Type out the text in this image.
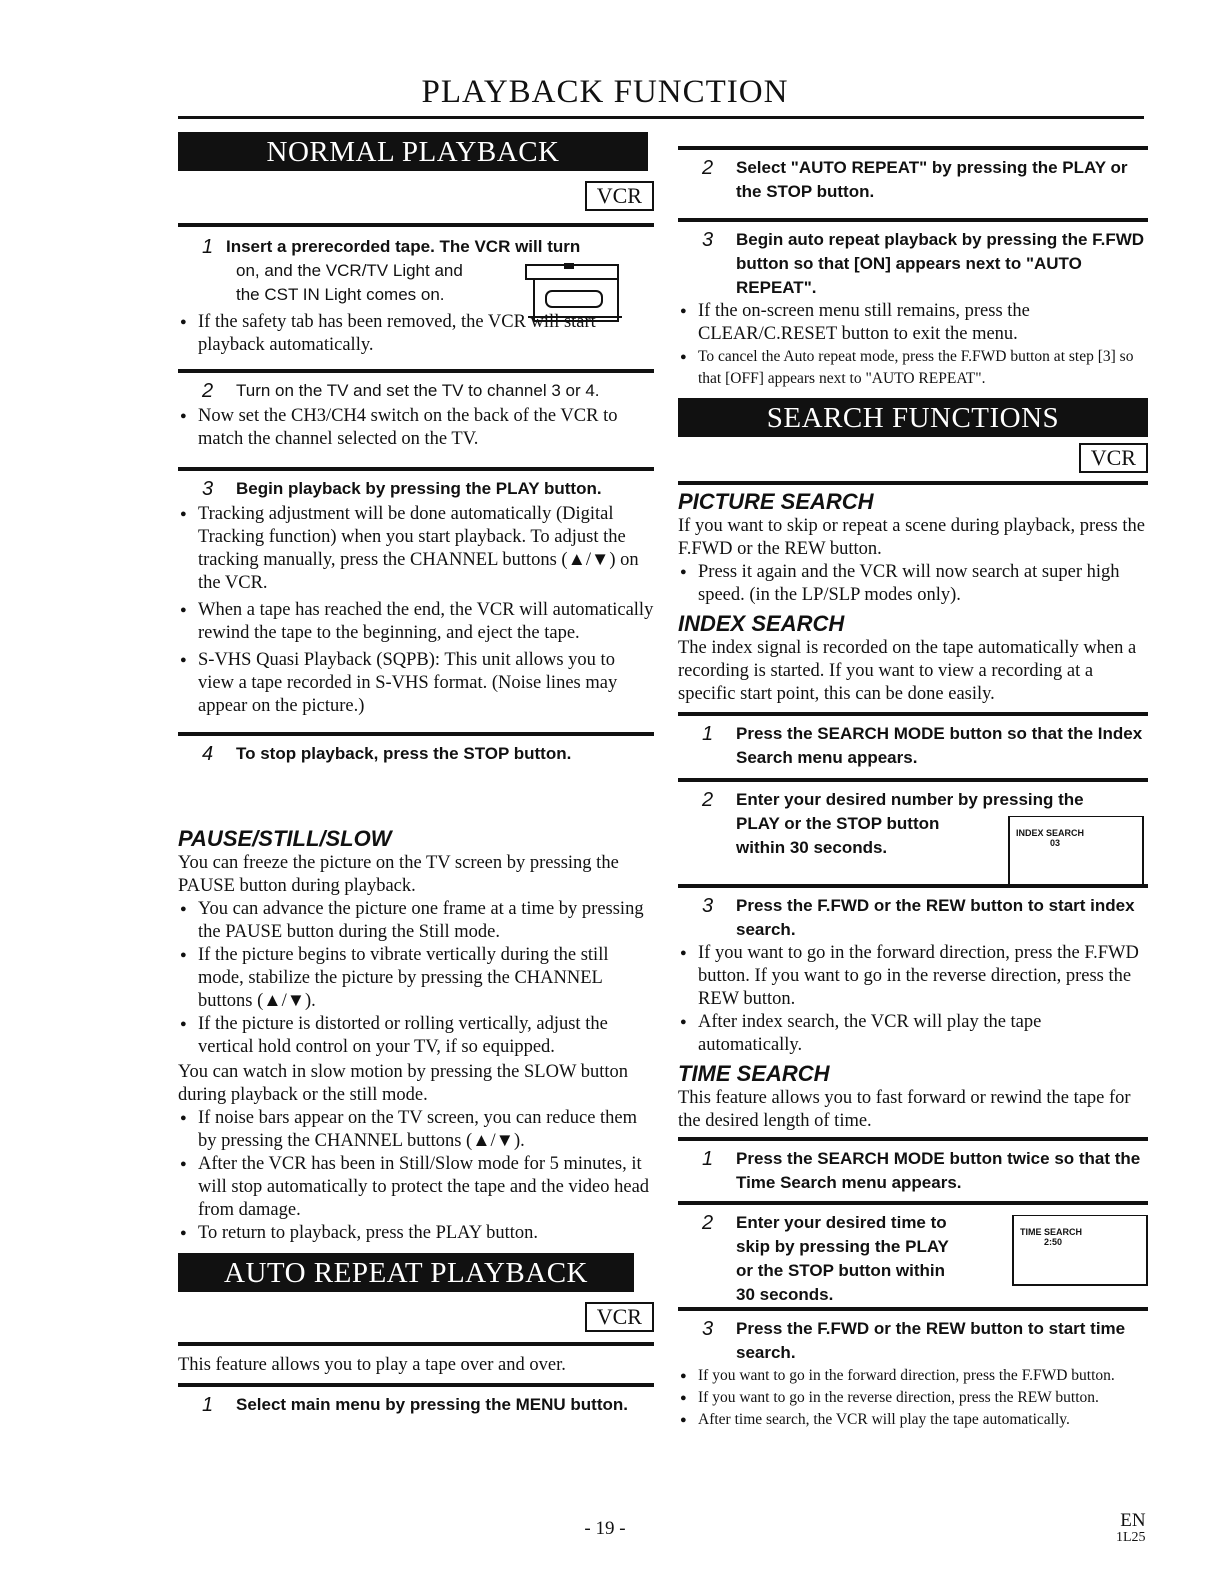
PLAYBACK FUNCTION
NORMAL PLAYBACK
VCR
1 Insert a prerecorded tape. The VCR will turn
on, and the VCR/TV Light and
the CST IN Light comes on.
● If the safety tab has been removed, the VCR will start playback automatically.
2 Turn on the TV and set the TV to channel 3 or 4.
● Now set the CH3/CH4 switch on the back of the VCR to match the channel selected on the TV.
3 Begin playback by pressing the PLAY button.
● Tracking adjustment will be done automatically (Digital Tracking function) when you start playback. To adjust the tracking manually, press the CHANNEL buttons (▲/▼) on the VCR.
● When a tape has reached the end, the VCR will automatically rewind the tape to the beginning, and eject the tape.
● S-VHS Quasi Playback (SQPB): This unit allows you to view a tape recorded in S-VHS format. (Noise lines may appear on the picture.)
4 To stop playback, press the STOP button.
PAUSE/STILL/SLOW
You can freeze the picture on the TV screen by pressing the PAUSE button during playback.
● You can advance the picture one frame at a time by pressing the PAUSE button during the Still mode.
● If the picture begins to vibrate vertically during the still mode, stabilize the picture by pressing the CHANNEL buttons (▲/▼).
● If the picture is distorted or rolling vertically, adjust the vertical hold control on your TV, if so equipped.
You can watch in slow motion by pressing the SLOW button during playback or the still mode.
● If noise bars appear on the TV screen, you can reduce them by pressing the CHANNEL buttons (▲/▼).
● After the VCR has been in Still/Slow mode for 5 minutes, it will stop automatically to protect the tape and the video head from damage.
● To return to playback, press the PLAY button.
AUTO REPEAT PLAYBACK
VCR
This feature allows you to play a tape over and over.
1 Select main menu by pressing the MENU button.
2 Select "AUTO REPEAT" by pressing the PLAY or the STOP button.
3 Begin auto repeat playback by pressing the F.FWD button so that [ON] appears next to "AUTO REPEAT".
● If the on-screen menu still remains, press the CLEAR/C.RESET button to exit the menu.
● To cancel the Auto repeat mode, press the F.FWD button at step [3] so that [OFF] appears next to "AUTO REPEAT".
SEARCH FUNCTIONS
VCR
PICTURE SEARCH
If you want to skip or repeat a scene during playback, press the F.FWD or the REW button.
● Press it again and the VCR will now search at super high speed. (in the LP/SLP modes only).
INDEX SEARCH
The index signal is recorded on the tape automatically when a recording is started. If you want to view a recording at a specific start point, this can be done easily.
1 Press the SEARCH MODE button so that the Index Search menu appears.
2 Enter your desired number by pressing the
PLAY or the STOP button
within 30 seconds.
INDEX SEARCH
03
3 Press the F.FWD or the REW button to start index search.
● If you want to go in the forward direction, press the F.FWD button. If you want to go in the reverse direction, press the REW button.
● After index search, the VCR will play the tape automatically.
TIME SEARCH
This feature allows you to fast forward or rewind the tape for the desired length of time.
1 Press the SEARCH MODE button twice so that the Time Search menu appears.
2 Enter your desired time to
skip by pressing the PLAY
or the STOP button within
30 seconds.
TIME SEARCH
2:50
3 Press the F.FWD or the REW button to start time search.
● If you want to go in the forward direction, press the F.FWD button.
● If you want to go in the reverse direction, press the REW button.
● After time search, the VCR will play the tape automatically.
- 19 -	EN
1L25
